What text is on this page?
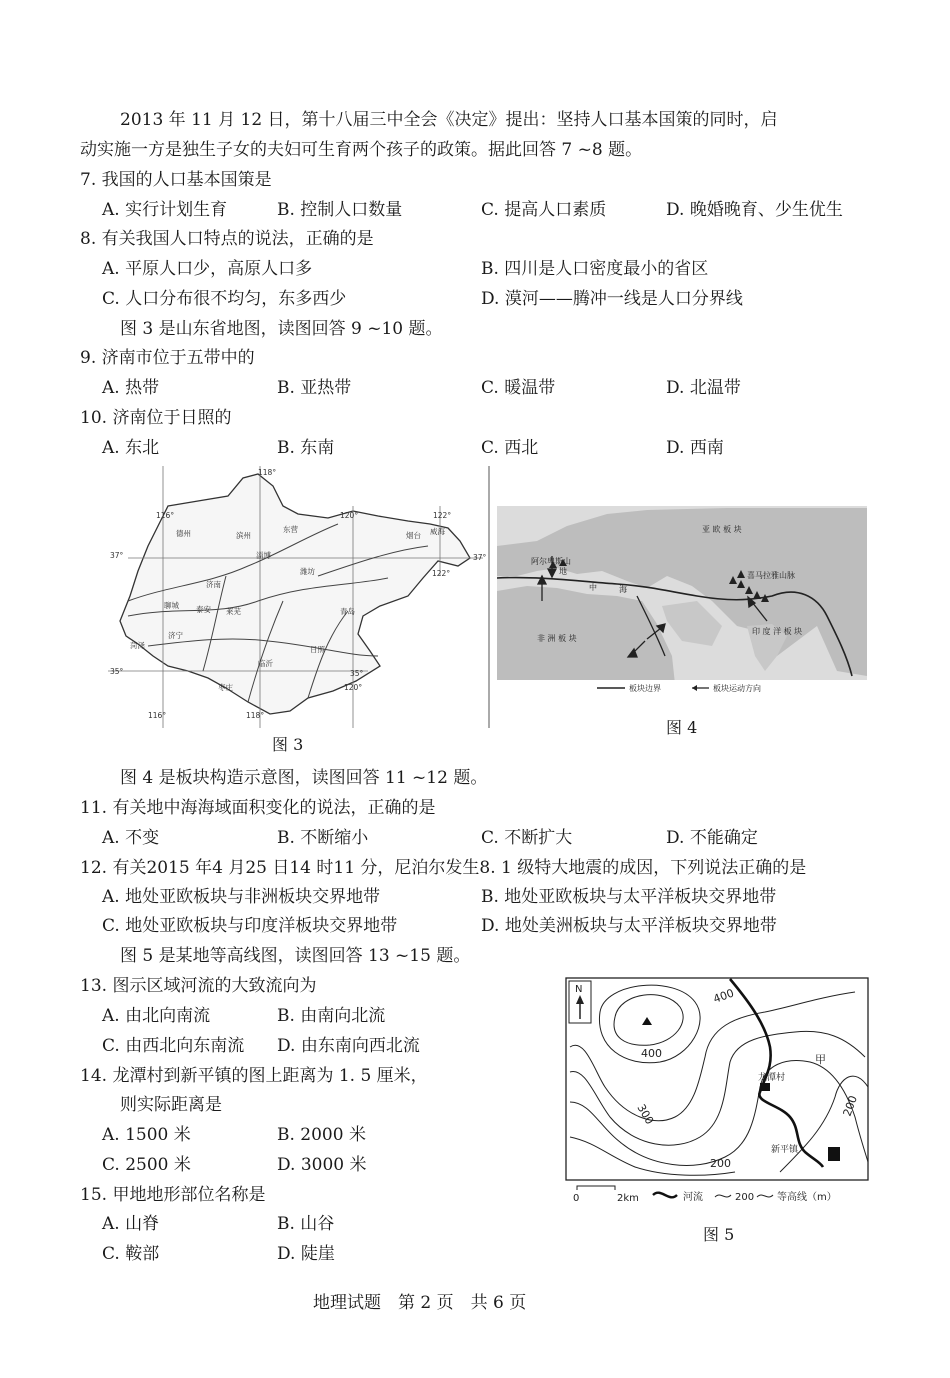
2013 年 11 月 12 日，第十八届三中全会《决定》提出：坚持人口基本国策的同时，启
动实施一方是独生子女的夫妇可生育两个孩子的政策。据此回答 7 ~8 题。
7. 我国的人口基本国策是
A. 实行计划生育	B. 控制人口数量	C. 提高人口素质	D. 晚婚晚育、少生优生
8. 有关我国人口特点的说法，正确的是
A. 平原人口少，高原人口多	B. 四川是人口密度最小的省区
C. 人口分布很不均匀，东多西少	D. 漠河——腾冲一线是人口分界线
图 3 是山东省地图，读图回答 9 ~10 题。
9. 济南市位于五带中的
A. 热带	B. 亚热带	C. 暖温带	D. 北温带
10. 济南位于日照的
A. 东北	B. 东南	C. 西北	D. 西南
118°
116°	120°	122°
37°	37°
122°
35°	35°
120°
116°	118°
滨州
东营
德州
淄博
潍坊
济南
聊城 泰安 莱芜	青岛
日照
临沂
枣庄
威海
烟台
菏泽
济宁
图 3
亚 欧 板 块
非 洲 板 块
印 度 洋 板 块
阿尔卑斯山
喜马拉雅山脉
地
中	海
板块边界	板块运动方向
图 4
图 4 是板块构造示意图，读图回答 11 ~12 题。
11. 有关地中海海域面积变化的说法，正确的是
A. 不变	B. 不断缩小	C. 不断扩大	D. 不能确定
12. 有关2015 年4 月25 日14 时11 分，尼泊尔发生8. 1 级特大地震的成因，下列说法正确的是
A. 地处亚欧板块与非洲板块交界地带	B. 地处亚欧板块与太平洋板块交界地带
C. 地处亚欧板块与印度洋板块交界地带	D. 地处美洲板块与太平洋板块交界地带
图 5 是某地等高线图，读图回答 13 ~15 题。
13. 图示区域河流的大致流向为
A. 由北向南流	B. 由南向北流
C. 由西北向东南流 D. 由东南向西北流
14. 龙潭村到新平镇的图上距离为 1. 5 厘米，
则实际距离是
A. 1500 米	B. 2000 米
C. 2500 米	D. 3000 米
15. 甲地地形部位名称是
A. 山脊	B. 山谷
C. 鞍部	D. 陡崖
N	400
400
300
200
200
甲
龙潭村
新平镇
0	2km	河流	200 等高线（m）
图 5
地理试题　第 2 页　共 6 页
